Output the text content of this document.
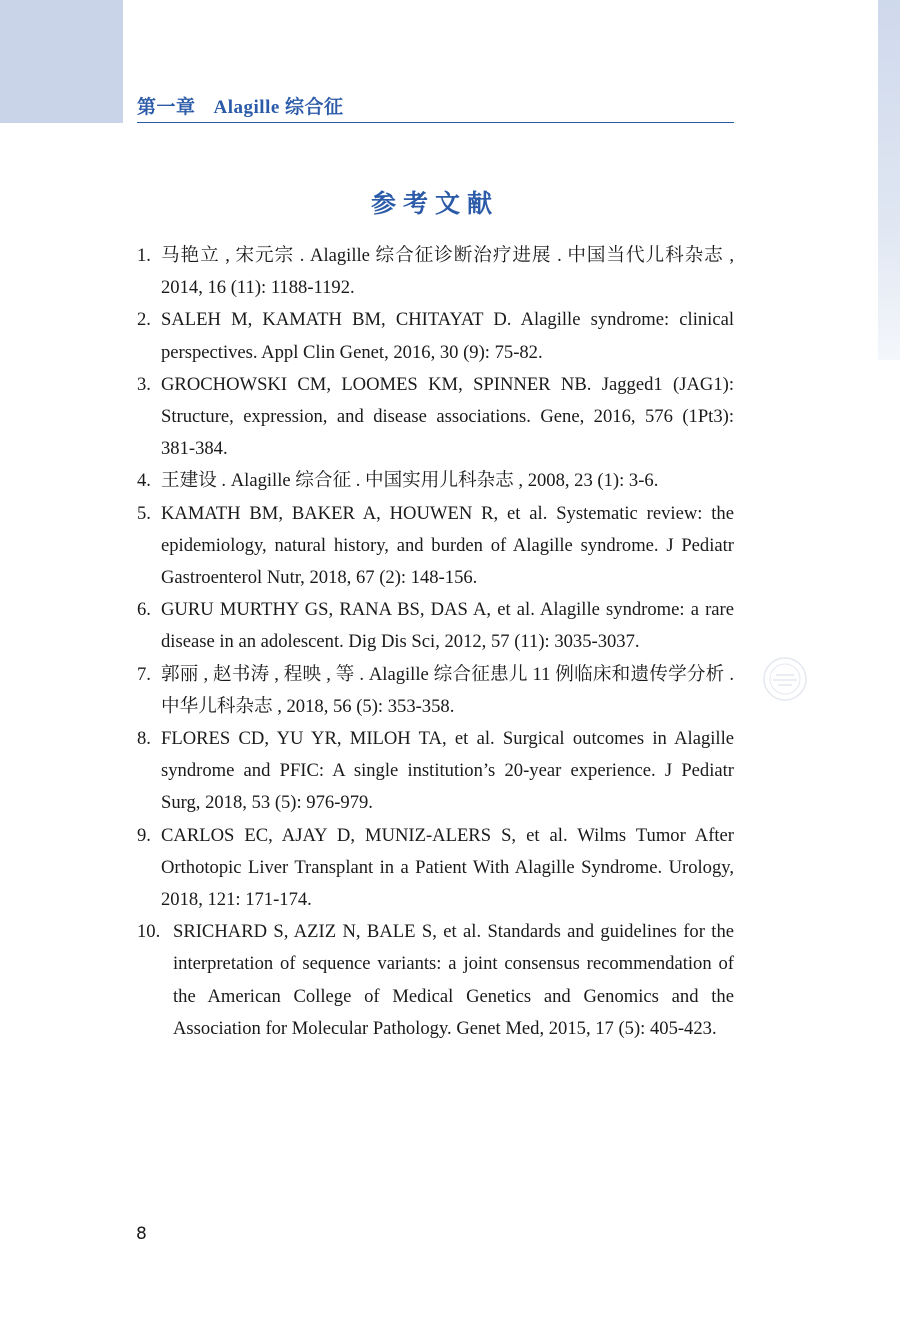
第一章 Alagille 综合征
参考文献
1. 马艳立 , 宋元宗 . Alagille 综合征诊断治疗进展 . 中国当代儿科杂志 , 2014, 16 (11): 1188-1192.
2. SALEH M, KAMATH BM, CHITAYAT D. Alagille syndrome: clinical perspectives. Appl Clin Genet, 2016, 30 (9): 75-82.
3. GROCHOWSKI CM, LOOMES KM, SPINNER NB. Jagged1 (JAG1): Structure, expression, and disease associations. Gene, 2016, 576 (1Pt3): 381-384.
4. 王建设 . Alagille 综合征 . 中国实用儿科杂志 , 2008, 23 (1): 3-6.
5. KAMATH BM, BAKER A, HOUWEN R, et al. Systematic review: the epidemiology, natural history, and burden of Alagille syndrome. J Pediatr Gastroenterol Nutr, 2018, 67 (2): 148-156.
6. GURU MURTHY GS, RANA BS, DAS A, et al. Alagille syndrome: a rare disease in an adolescent. Dig Dis Sci, 2012, 57 (11): 3035-3037.
7. 郭丽 , 赵书涛 , 程映 , 等 . Alagille 综合征患儿 11 例临床和遗传学分析 . 中华儿科杂志 , 2018, 56 (5): 353-358.
8. FLORES CD, YU YR, MILOH TA, et al. Surgical outcomes in Alagille syndrome and PFIC: A single institution’s 20-year experience. J Pediatr Surg, 2018, 53 (5): 976-979.
9. CARLOS EC, AJAY D, MUNIZ-ALERS S, et al. Wilms Tumor After Orthotopic Liver Transplant in a Patient With Alagille Syndrome. Urology, 2018, 121: 171-174.
10. SRICHARD S, AZIZ N, BALE S, et al. Standards and guidelines for the interpretation of sequence variants: a joint consensus recommendation of the American College of Medical Genetics and Genomics and the Association for Molecular Pathology. Genet Med, 2015, 17 (5): 405-423.
8
